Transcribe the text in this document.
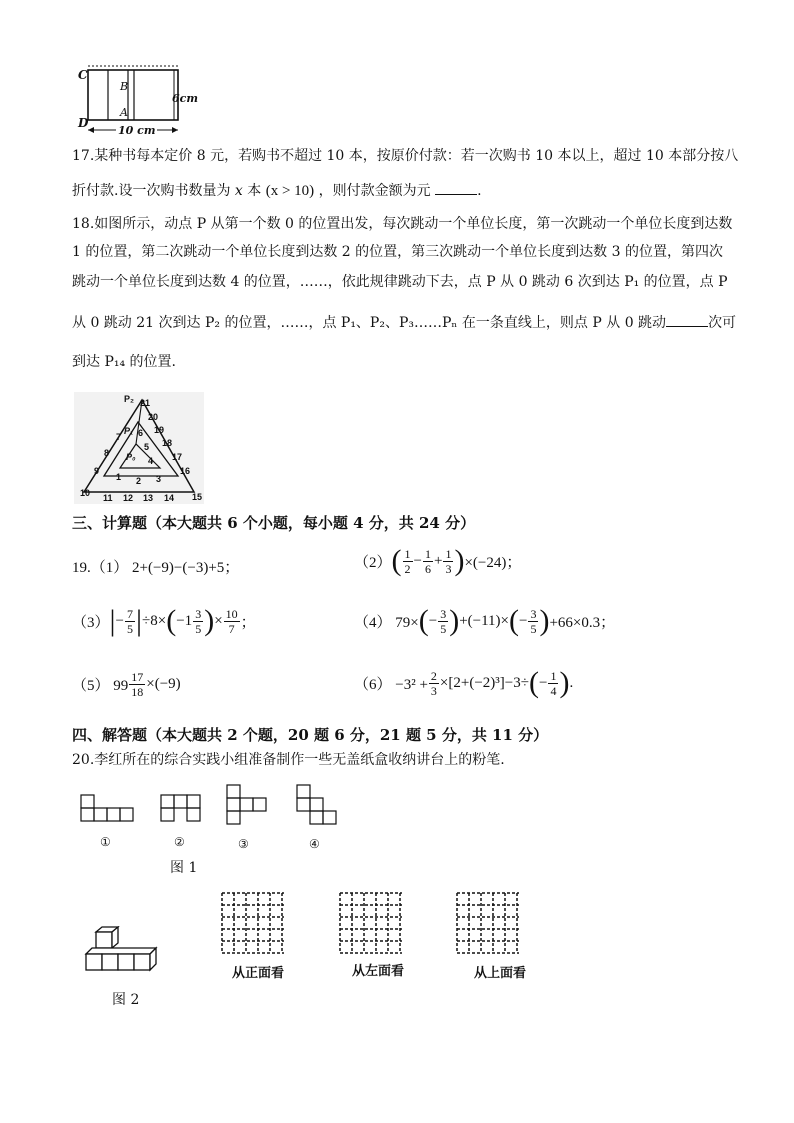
C
B
A
D
6cm
10 cm
17.某种书每本定价 8 元，若购书不超过 10 本，按原价付款：若一次购书 10 本以上，超过 10 本部分按八
折付款.设一次购书数量为 x 本 (x > 10) ，则付款金额为元	.
18.如图所示，动点 P 从第一个数 0 的位置出发，每次跳动一个单位长度，第一次跳动一个单位长度到达数
1 的位置，第二次跳动一个单位长度到达数 2 的位置，第三次跳动一个单位长度到达数 3 的位置，第四次
跳动一个单位长度到达数 4 的位置，……，依此规律跳动下去，点 P 从 0 跳动 6 次到达 P₁ 的位置，点 P
从 0 跳动 21 次到达 P₂ 的位置，……，点 P₁、P₂、P₃……Pₙ 在一条直线上，则点 P 从 0 跳动	次可
到达 P₁₄ 的位置.
P₂ 21
20
19
18
17
16
15
14
13
12
11
10
9
8
7 6
5
4
3
2
1
P₁
P₀
三、计算题（本大题共 6 个小题，每小题 4 分，共 24 分）
19.（1） 2+(−9)−(−3)+5；	（2） ( $\frac{1}{2} - \frac{1}{6} + \frac{1}{3}$ ) ×(−24)；
（3） | − $\frac{7}{5}$ | ÷8× ( $-1 \frac{3}{5}$ ) × $\frac{10}{7}$ ；	（4） 79× ( − $\frac{3}{5}$ ) +(−11)× ( − $\frac{3}{5}$ ) +66×0.3；
（5） $99 \frac{17}{18} \times(-9)$	$(6) -3^2 + \frac{2}{3} \times[2+(-2)^3]-3\div$ ( − $\frac{1}{4}$ ) .
四、解答题（本大题共 2 个题，20 题 6 分，21 题 5 分，共 11 分）
20.李红所在的综合实践小组准备制作一些无盖纸盒收纳讲台上的粉笔.
①	②	③	④
图 1
图 2
从正面看	从左面看	从上面看
